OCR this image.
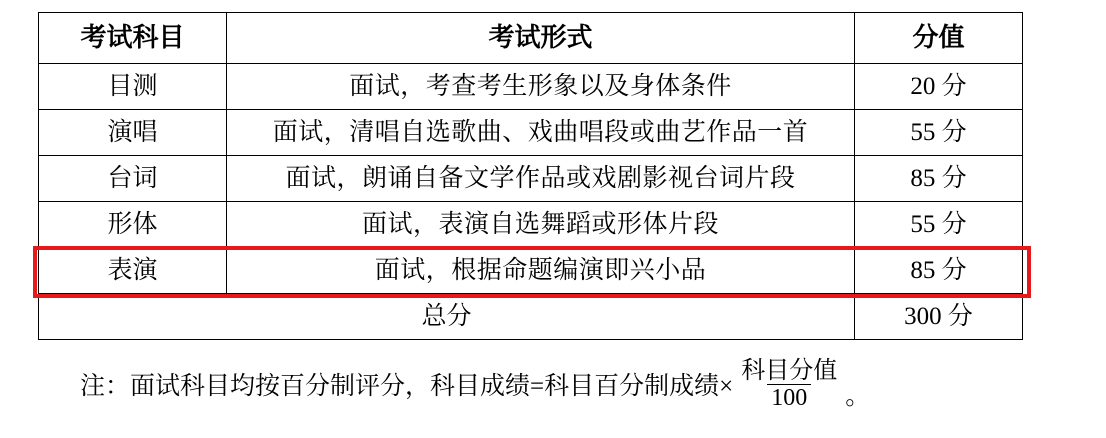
考试科目	考试形式	分值
目测	面试，考查考生形象以及身体条件	20 分
演唱	面试，清唱自选歌曲、戏曲唱段或曲艺作品一首	55 分
台词	面试，朗诵自备文学作品或戏剧影视台词片段	85 分
形体	面试，表演自选舞蹈或形体片段	55 分
表演	面试，根据命题编演即兴小品	85 分
总分		300 分
注：面试科目均按百分制评分，科目成绩=科目百分制成绩× $\frac{\text{科目分值}}{100}$ 。
